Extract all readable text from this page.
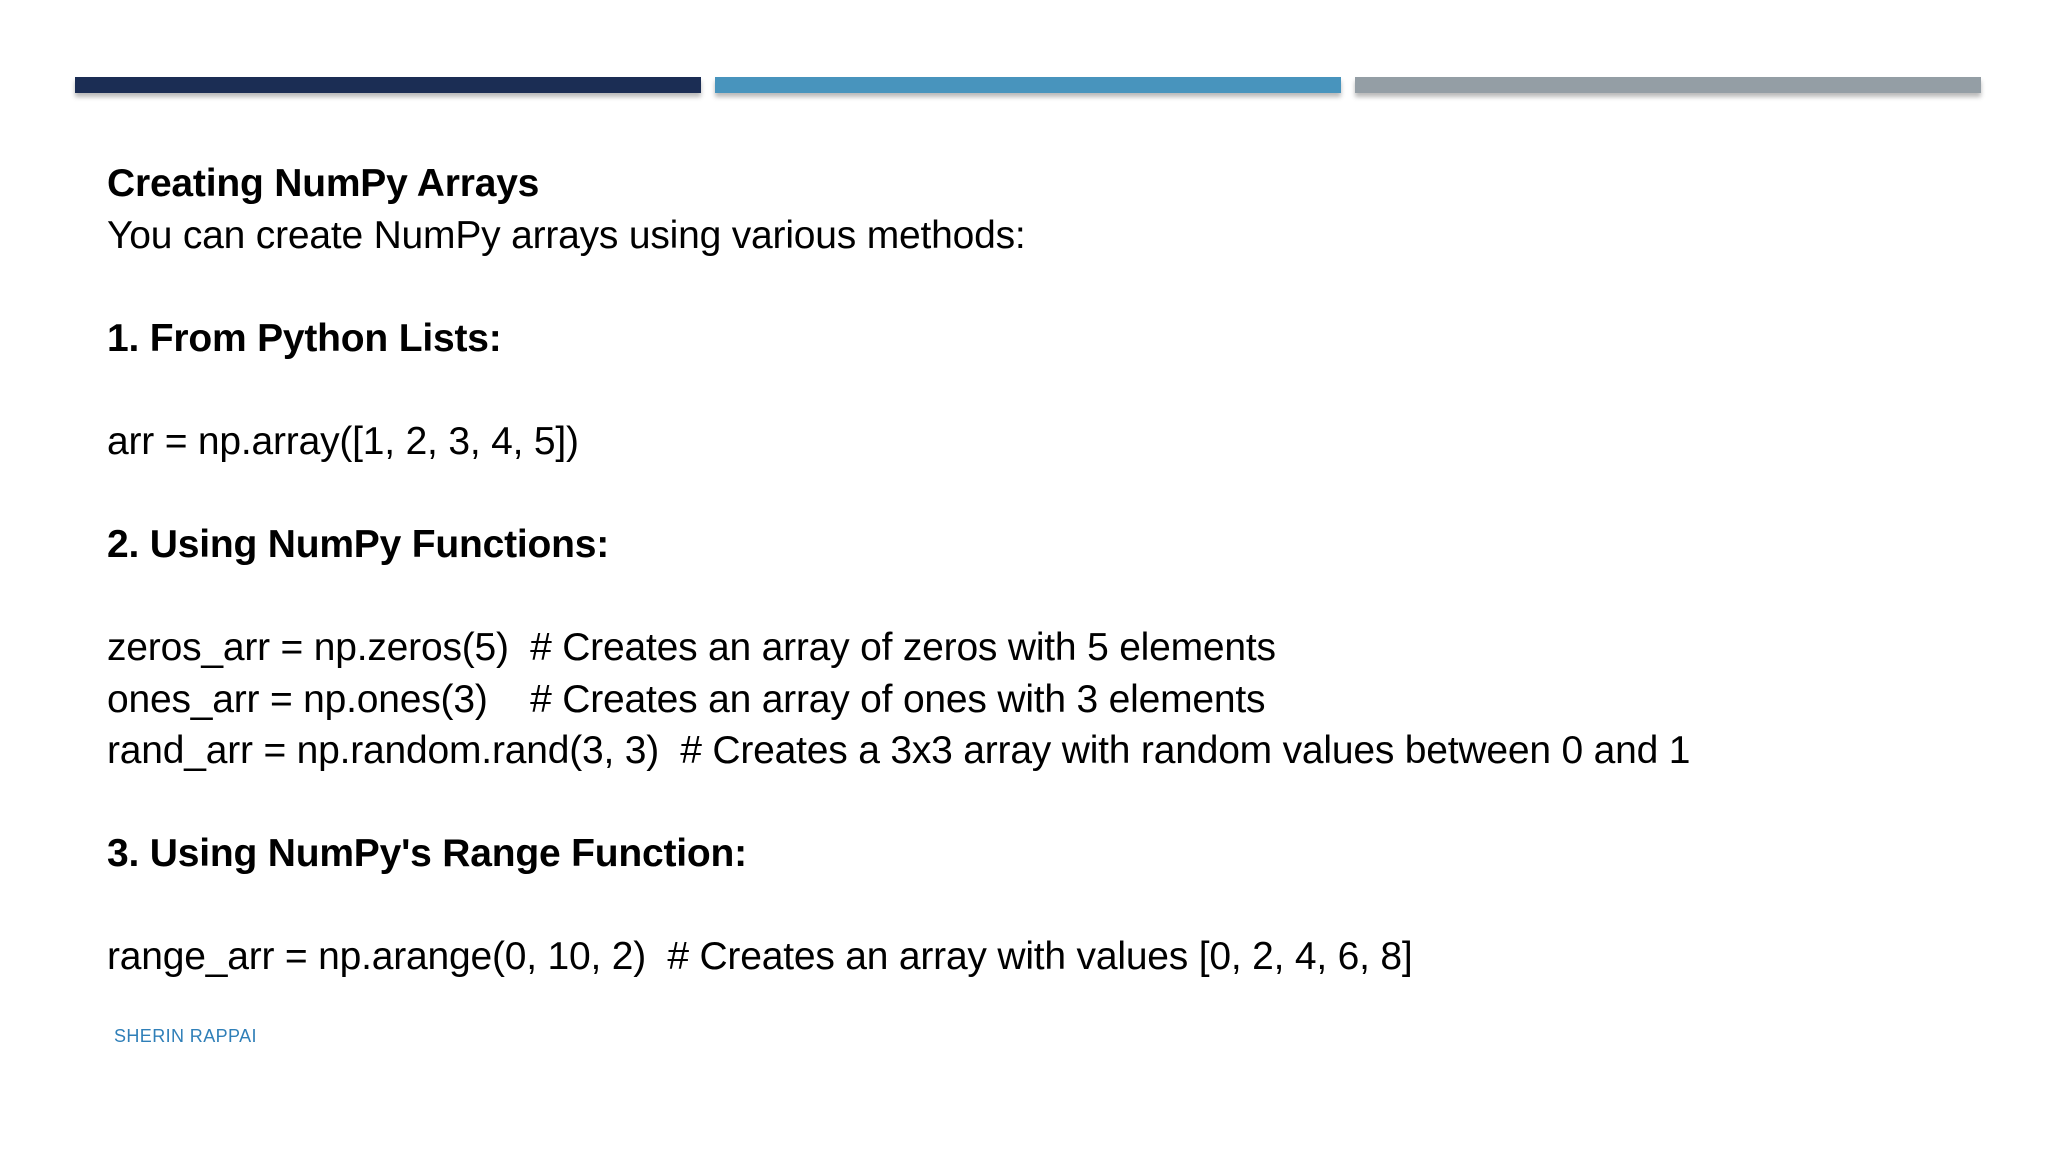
Creating NumPy Arrays
You can create NumPy arrays using various methods:
1. From Python Lists:
arr = np.array([1, 2, 3, 4, 5])
2. Using NumPy Functions:
zeros_arr = np.zeros(5)  # Creates an array of zeros with 5 elements
ones_arr = np.ones(3)    # Creates an array of ones with 3 elements
rand_arr = np.random.rand(3, 3)  # Creates a 3x3 array with random values between 0 and 1
3. Using NumPy's Range Function:
range_arr = np.arange(0, 10, 2)  # Creates an array with values [0, 2, 4, 6, 8]
SHERIN RAPPAI
